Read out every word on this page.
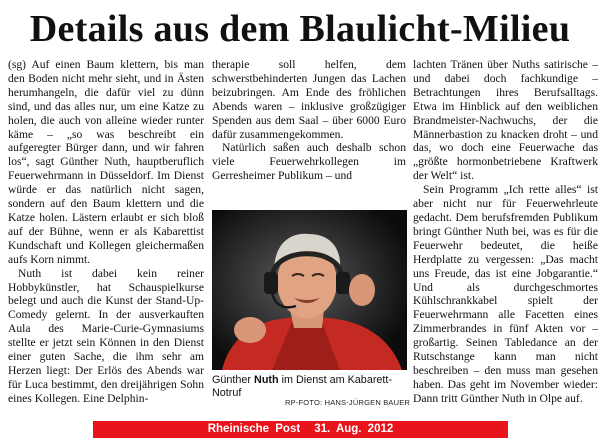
Details aus dem Blaulicht-Milieu

(sg) Auf einen Baum klettern, bis man den Boden nicht mehr sieht, und in Ästen herumhangeln, die dafür viel zu dünn sind, und das alles nur, um eine Katze zu holen, die auch von alleine wieder runter käme – „so was beschreibt ein aufgeregter Bürger dann, und wir fahren los“, sagt Günther Nuth, hauptberuflich Feuerwehrmann in Düsseldorf. Im Dienst würde er das natürlich nicht sagen, sondern auf den Baum klettern und die Katze holen. Lästern erlaubt er sich bloß auf der Bühne, wenn er als Kabarettist Kundschaft und Kollegen gleichermaßen aufs Korn nimmt.

Nuth ist dabei kein reiner Hobbykünstler, hat Schauspielkurse belegt und auch die Kunst der Stand-Up-Comedy gelernt. In der ausverkauften Aula des Marie-Curie-Gymnasiums stellte er jetzt sein Können in den Dienst einer guten Sache, die ihm sehr am Herzen liegt: Der Erlös des Abends war für Luca bestimmt, den dreijährigen Sohn eines Kollegen. Eine Delphin-

therapie soll helfen, dem schwerstbehinderten Jungen das Lachen beizubringen. Am Ende des fröhlichen Abends waren – inklusive großzügiger Spenden aus dem Saal – über 6000 Euro dafür zusammengekommen.

Natürlich saßen auch deshalb schon viele Feuerwehrkollegen im Gerresheimer Publikum – und

Günther Nuth im Dienst am Kabarett-Notruf
RP-FOTO: HANS-JÜRGEN BAUER

lachten Tränen über Nuths satirische – und dabei doch fachkundige – Betrachtungen ihres Berufsalltags. Etwa im Hinblick auf den weiblichen Brandmeister-Nachwuchs, der die Männerbastion zu knacken droht – und das, wo doch eine Feuerwache das „größte hormonbetriebene Kraftwerk der Welt“ ist.

Sein Programm „Ich rette alles“ ist aber nicht nur für Feuerwehrleute gedacht. Dem berufsfremden Publikum bringt Günther Nuth bei, was es für die Feuerwehr bedeutet, die heiße Herdplatte zu vergessen: „Das macht uns Freude, das ist eine Jobgarantie.“ Und als durchgeschmortes Kühlschrankkabel spielt der Feuerwehrmann alle Facetten eines Zimmerbrandes in fünf Akten vor – großartig. Seinen Tabledance an der Rutschstange kann man nicht beschreiben – den muss man gesehen haben. Das geht im November wieder: Dann tritt Günther Nuth in Olpe auf.

Rheinische Post 31. Aug. 2012
